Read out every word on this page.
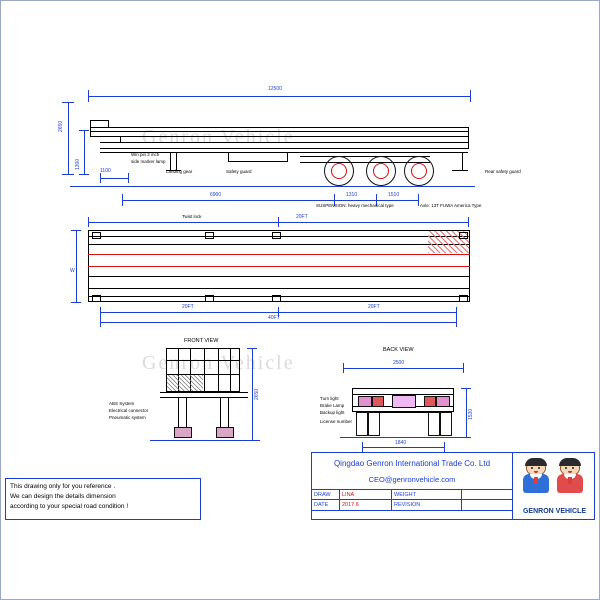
Genron Vehicle
Genron Vehicle
12500
2650
1300
1100
6900	1310	1510
Win pin 2 inch
side marker lamp
Landing gear	Safety guard	Rear safety guard
SUSPENSION: heavy mechanical type	Axle: 13T FUWA America Type
20FT
Twist lock
W
20FT	20FT
40FT
FRONT VIEW
2650
ABS System
Electrical connector
Pneumatic system
BACK VIEW
2500
1530
1840
Turn light
Brake Lamp
Backup light
License number
This drawing only for you reference .
We can design the details dimension
according to your special road condition !
Qingdao Genron International Trade Co. Ltd
CEO@genronvehicle.com
DRAW	LINA	WEIGHT
DATE	2017.6	REVISION
GENRON VEHICLE
